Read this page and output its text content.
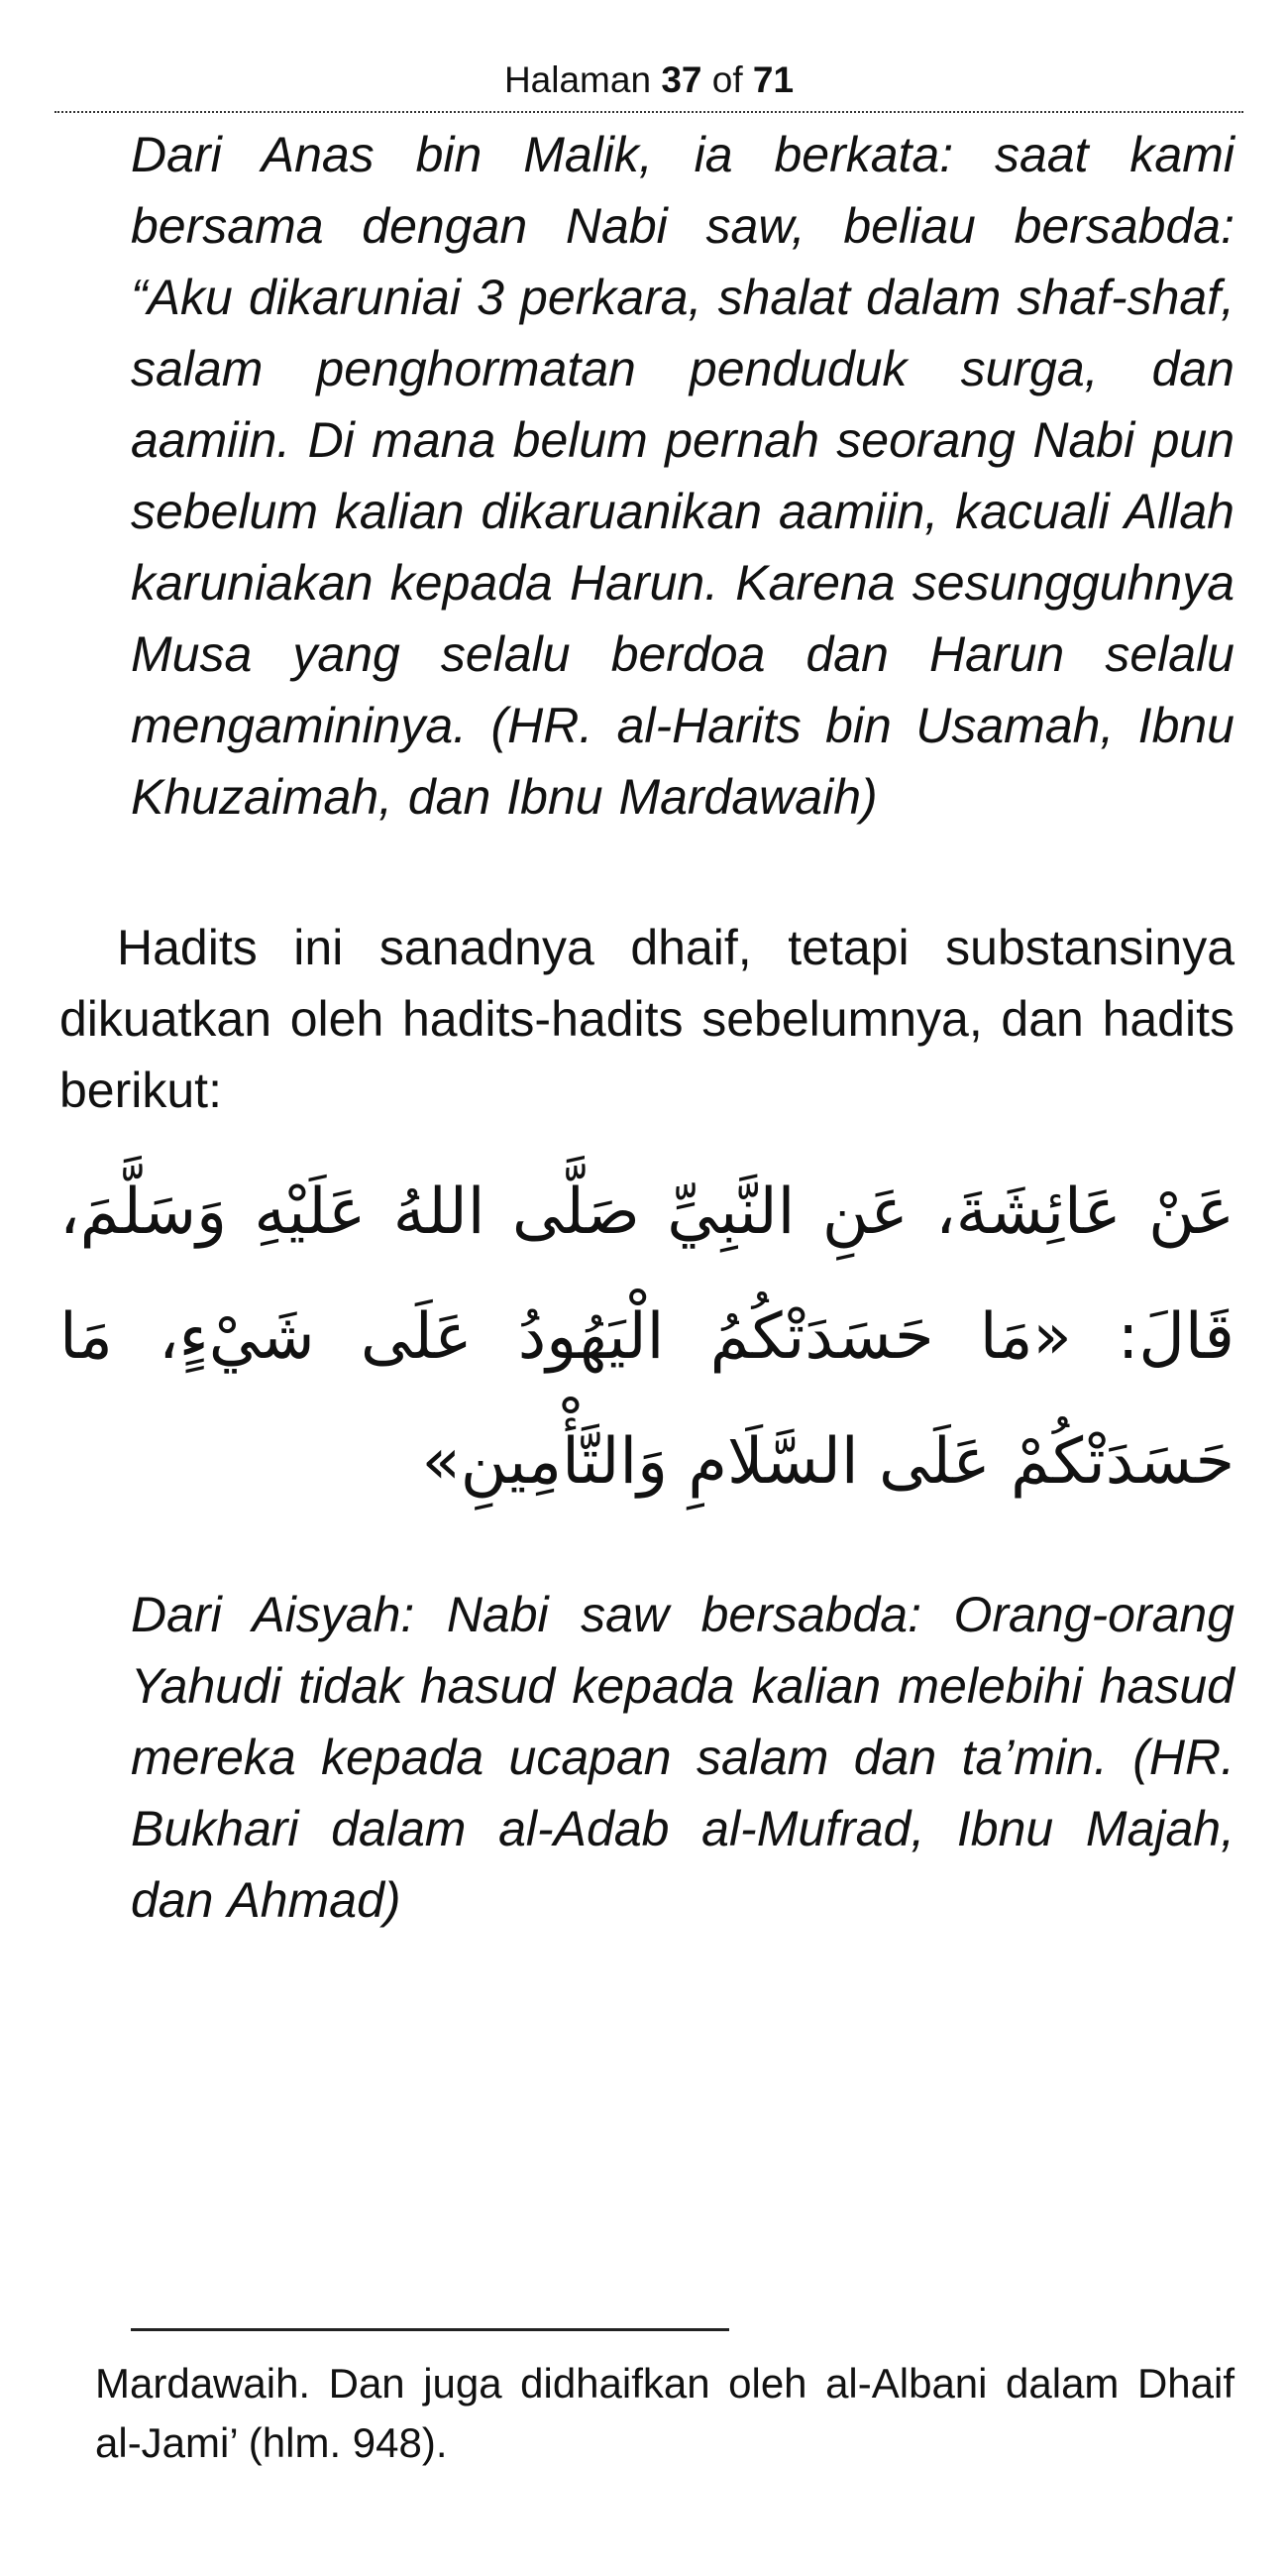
Halaman 37 of 71
Dari Anas bin Malik, ia berkata: saat kami bersama dengan Nabi saw, beliau bersabda: “Aku dikaruniai 3 perkara, shalat dalam shaf-shaf, salam penghormatan penduduk surga, dan aamiin. Di mana belum pernah seorang Nabi pun sebelum kalian dikaruanikan aamiin, kacuali Allah karuniakan kepada Harun. Karena sesungguhnya Musa yang selalu berdoa dan Harun selalu mengamininya. (HR. al-Harits bin Usamah, Ibnu Khuzaimah, dan Ibnu Mardawaih)
Hadits ini sanadnya dhaif, tetapi substansinya dikuatkan oleh hadits-hadits sebelumnya, dan hadits berikut:
عَنْ عَائِشَةَ، عَنِ النَّبِيِّ صَلَّى اللهُ عَلَيْهِ وَسَلَّمَ، قَالَ: «مَا حَسَدَتْكُمُ الْيَهُودُ عَلَى شَيْءٍ، مَا حَسَدَتْكُمْ عَلَى السَّلَامِ وَالتَّأْمِينِ»
Dari Aisyah: Nabi saw bersabda: Orang-orang Yahudi tidak hasud kepada kalian melebihi hasud mereka kepada ucapan salam dan ta’min. (HR. Bukhari dalam al-Adab al-Mufrad, Ibnu Majah, dan Ahmad)
Mardawaih. Dan juga didhaifkan oleh al-Albani dalam Dhaif al-Jami’ (hlm. 948).
